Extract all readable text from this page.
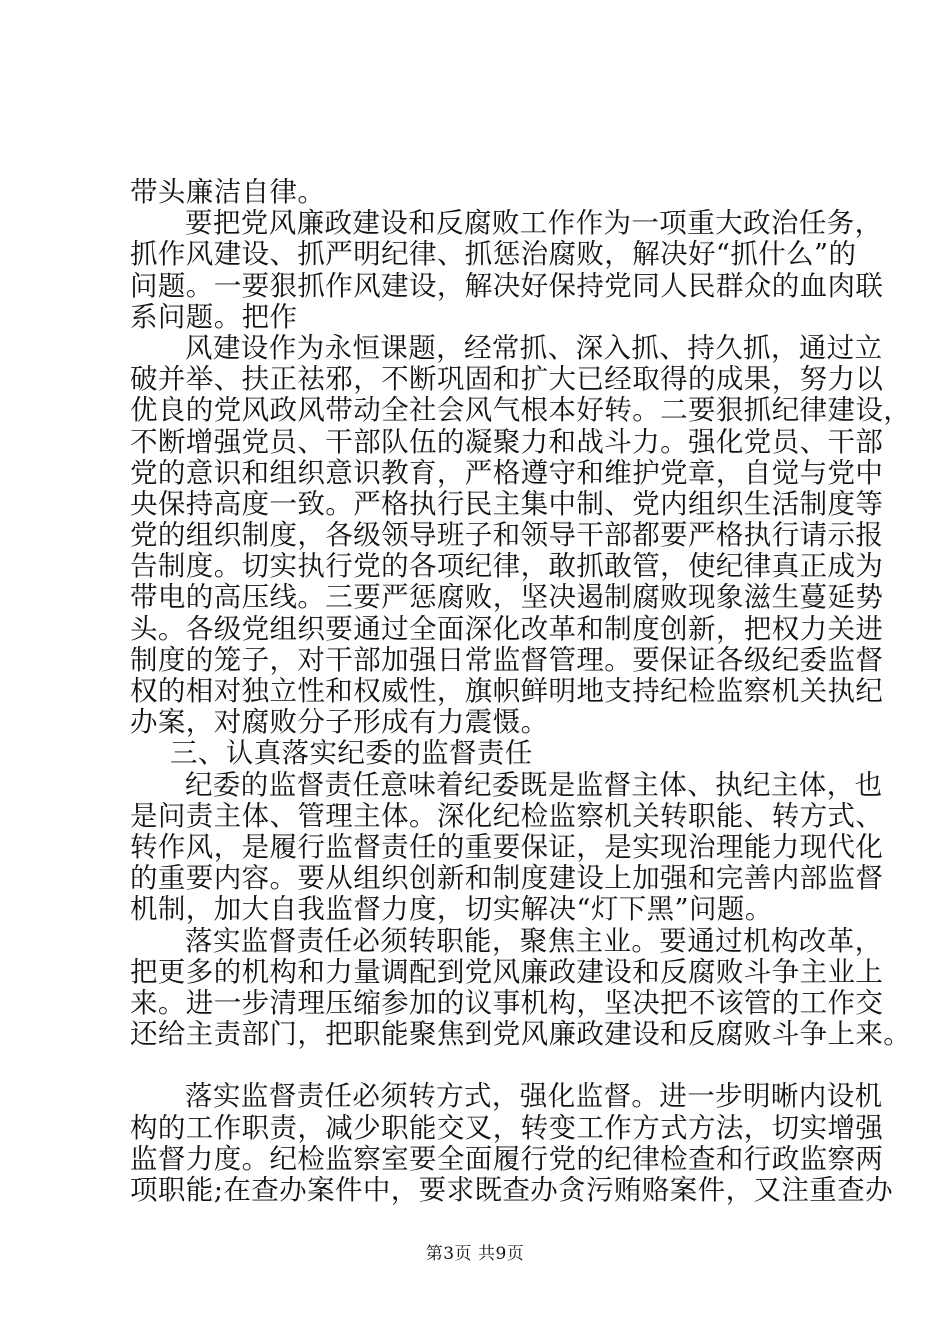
带头廉洁自律。
要把党风廉政建设和反腐败工作作为一项重大政治任务，
抓作风建设、抓严明纪律、抓惩治腐败，解决好“抓什么”的
问题。一要狠抓作风建设，解决好保持党同人民群众的血肉联
系问题。把作
风建设作为永恒课题，经常抓、深入抓、持久抓，通过立
破并举、扶正祛邪，不断巩固和扩大已经取得的成果，努力以
优良的党风政风带动全社会风气根本好转。二要狠抓纪律建设，
不断增强党员、干部队伍的凝聚力和战斗力。强化党员、干部
党的意识和组织意识教育，严格遵守和维护党章，自觉与党中
央保持高度一致。严格执行民主集中制、党内组织生活制度等
党的组织制度，各级领导班子和领导干部都要严格执行请示报
告制度。切实执行党的各项纪律，敢抓敢管，使纪律真正成为
带电的高压线。三要严惩腐败，坚决遏制腐败现象滋生蔓延势
头。各级党组织要通过全面深化改革和制度创新，把权力关进
制度的笼子，对干部加强日常监督管理。要保证各级纪委监督
权的相对独立性和权威性，旗帜鲜明地支持纪检监察机关执纪
办案，对腐败分子形成有力震慑。
三、认真落实纪委的监督责任
纪委的监督责任意味着纪委既是监督主体、执纪主体，也
是问责主体、管理主体。深化纪检监察机关转职能、转方式、
转作风，是履行监督责任的重要保证，是实现治理能力现代化
的重要内容。要从组织创新和制度建设上加强和完善内部监督
机制，加大自我监督力度，切实解决“灯下黑”问题。
落实监督责任必须转职能，聚焦主业。要通过机构改革，
把更多的机构和力量调配到党风廉政建设和反腐败斗争主业上
来。进一步清理压缩参加的议事机构，坚决把不该管的工作交
还给主责部门，把职能聚焦到党风廉政建设和反腐败斗争上来。
落实监督责任必须转方式，强化监督。进一步明晰内设机
构的工作职责，减少职能交叉，转变工作方式方法，切实增强
监督力度。纪检监察室要全面履行党的纪律检查和行政监察两
项职能;在查办案件中，要求既查办贪污贿赂案件，又注重查办
第3页 共9页
